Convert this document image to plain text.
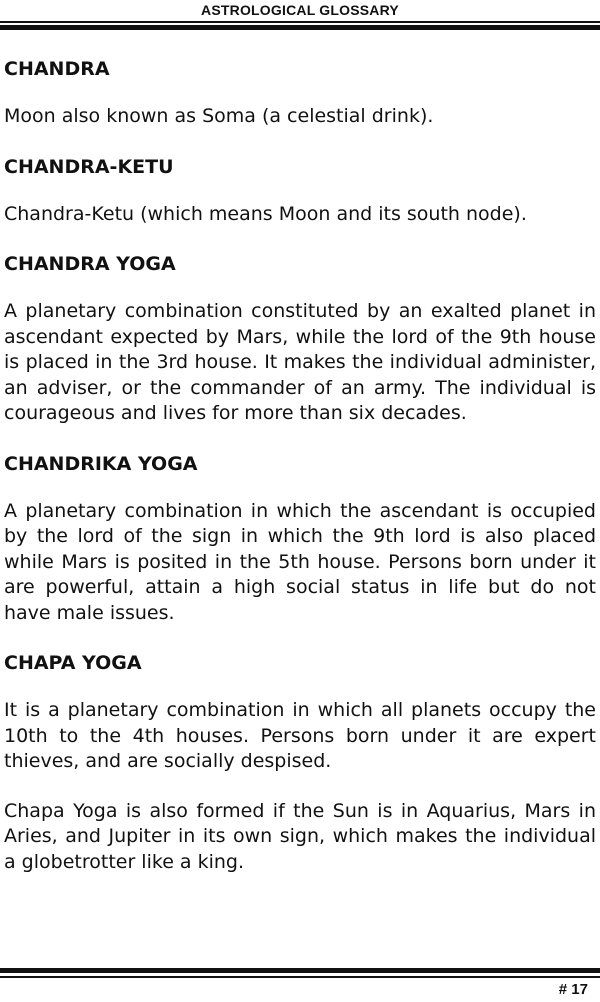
ASTROLOGICAL GLOSSARY
CHANDRA
Moon also known as Soma (a celestial drink).
CHANDRA-KETU
Chandra-Ketu (which means Moon and its south node).
CHANDRA YOGA
A planetary combination constituted by an exalted planet in ascendant expected by Mars, while the lord of the 9th house is placed in the 3rd house. It makes the individual administer, an adviser, or the commander of an army. The individual is courageous and lives for more than six decades.
CHANDRIKA YOGA
A planetary combination in which the ascendant is occupied by the lord of the sign in which the 9th lord is also placed while Mars is posited in the 5th house. Persons born under it are powerful, attain a high social status in life but do not have male issues.
CHAPA YOGA
It is a planetary combination in which all planets occupy the 10th to the 4th houses. Persons born under it are expert thieves, and are socially despised.
Chapa Yoga is also formed if the Sun is in Aquarius, Mars in Aries, and Jupiter in its own sign, which makes the individual a globetrotter like a king.
# 17
